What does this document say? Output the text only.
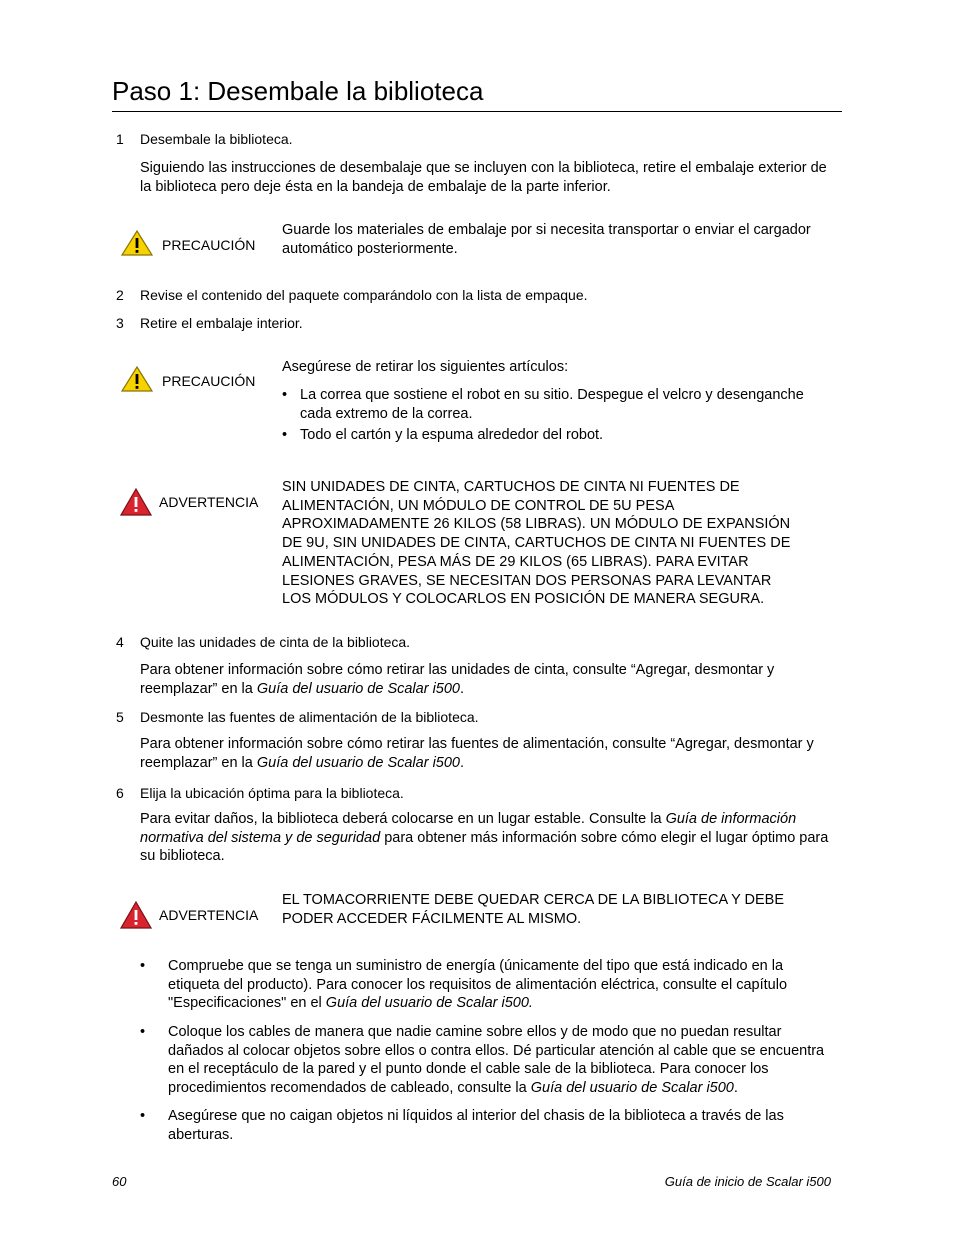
Paso 1: Desembale la biblioteca
1 Desembale la biblioteca.
Siguiendo las instrucciones de desembalaje que se incluyen con la biblioteca, retire el embalaje exterior de la biblioteca pero deje ésta en la bandeja de embalaje de la parte inferior.
PRECAUCIÓN
Guarde los materiales de embalaje por si necesita transportar o enviar el cargador automático posteriormente.
2 Revise el contenido del paquete comparándolo con la lista de empaque.
3 Retire el embalaje interior.
PRECAUCIÓN
Asegúrese de retirar los siguientes artículos:
• La correa que sostiene el robot en su sitio. Despegue el velcro y desenganche cada extremo de la correa.
• Todo el cartón y la espuma alrededor del robot.
ADVERTENCIA
SIN UNIDADES DE CINTA, CARTUCHOS DE CINTA NI FUENTES DE ALIMENTACIÓN, UN MÓDULO DE CONTROL DE 5U PESA APROXIMADAMENTE 26 KILOS (58 LIBRAS). UN MÓDULO DE EXPANSIÓN DE 9U, SIN UNIDADES DE CINTA, CARTUCHOS DE CINTA NI FUENTES DE ALIMENTACIÓN, PESA MÁS DE 29 KILOS (65 LIBRAS). PARA EVITAR LESIONES GRAVES, SE NECESITAN DOS PERSONAS PARA LEVANTAR LOS MÓDULOS Y COLOCARLOS EN POSICIÓN DE MANERA SEGURA.
4 Quite las unidades de cinta de la biblioteca.
Para obtener información sobre cómo retirar las unidades de cinta, consulte “Agregar, desmontar y reemplazar” en la Guía del usuario de Scalar i500.
5 Desmonte las fuentes de alimentación de la biblioteca.
Para obtener información sobre cómo retirar las fuentes de alimentación, consulte “Agregar, desmontar y reemplazar” en la Guía del usuario de Scalar i500.
6 Elija la ubicación óptima para la biblioteca.
Para evitar daños, la biblioteca deberá colocarse en un lugar estable. Consulte la Guía de información normativa del sistema y de seguridad para obtener más información sobre cómo elegir el lugar óptimo para su biblioteca.
ADVERTENCIA
EL TOMACORRIENTE DEBE QUEDAR CERCA DE LA BIBLIOTECA Y DEBE PODER ACCEDER FÁCILMENTE AL MISMO.
• Compruebe que se tenga un suministro de energía (únicamente del tipo que está indicado en la etiqueta del producto). Para conocer los requisitos de alimentación eléctrica, consulte el capítulo "Especificaciones" en el Guía del usuario de Scalar i500.
• Coloque los cables de manera que nadie camine sobre ellos y de modo que no puedan resultar dañados al colocar objetos sobre ellos o contra ellos. Dé particular atención al cable que se encuentra en el receptáculo de la pared y el punto donde el cable sale de la biblioteca. Para conocer los procedimientos recomendados de cableado, consulte la Guía del usuario de Scalar i500.
• Asegúrese que no caigan objetos ni líquidos al interior del chasis de la biblioteca a través de las aberturas.
60	Guía de inicio de Scalar i500
